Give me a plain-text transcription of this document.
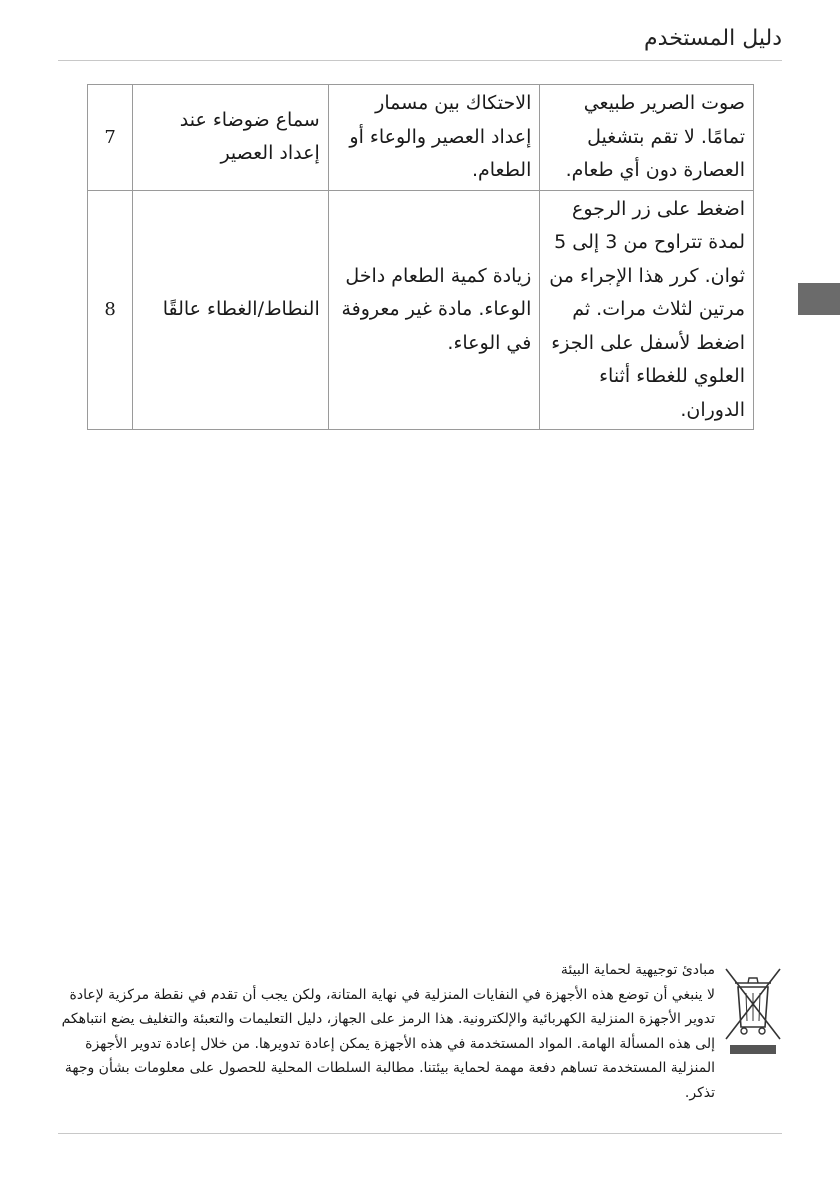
دليل المستخدم
صوت الصرير طبيعي تمامًا. لا تقم بتشغيل العصارة دون أي طعام.	الاحتكاك بين مسمار إعداد العصير والوعاء أو الطعام.	سماع ضوضاء عند إعداد العصير	7
اضغط على زر الرجوع لمدة تتراوح من 3 إلى 5 ثوان. كرر هذا الإجراء من مرتين لثلاث مرات. ثم اضغط لأسفل على الجزء العلوي للغطاء أثناء الدوران.	زيادة كمية الطعام داخل الوعاء. مادة غير معروفة في الوعاء.	النطاط/الغطاء عالقًا	8
مبادئ توجيهية لحماية البيئة
لا ينبغي أن توضع هذه الأجهزة في النفايات المنزلية في نهاية المتانة، ولكن يجب أن تقدم في نقطة مركزية لإعادة تدوير الأجهزة المنزلية الكهربائية والإلكترونية. هذا الرمز على الجهاز، دليل التعليمات والتعبئة والتغليف يضع انتباهكم إلى هذه المسألة الهامة. المواد المستخدمة في هذه الأجهزة يمكن إعادة تدويرها. من خلال إعادة تدوير الأجهزة المنزلية المستخدمة تساهم دفعة مهمة لحماية بيئتنا. مطالبة السلطات المحلية للحصول على معلومات بشأن وجهة تذكر.
